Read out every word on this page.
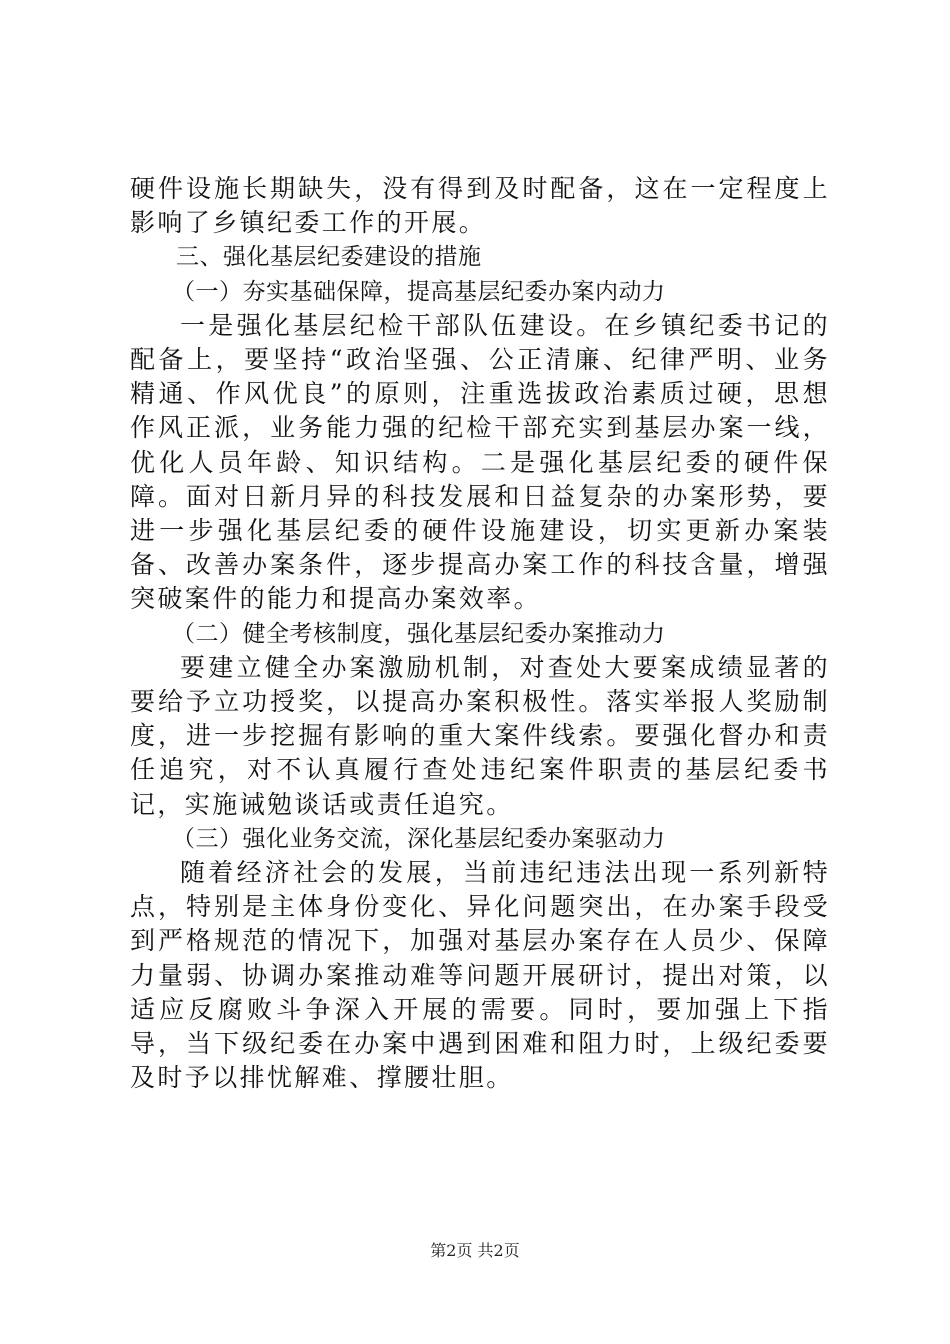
硬件设施长期缺失，没有得到及时配备，这在一定程度上影响了乡镇纪委工作的开展。

三、强化基层纪委建设的措施

（一）夯实基础保障，提高基层纪委办案内动力

一是强化基层纪检干部队伍建设。在乡镇纪委书记的配备上，要坚持“政治坚强、公正清廉、纪律严明、业务精通、作风优良”的原则，注重选拔政治素质过硬，思想作风正派，业务能力强的纪检干部充实到基层办案一线，优化人员年龄、知识结构。二是强化基层纪委的硬件保障。面对日新月异的科技发展和日益复杂的办案形势，要进一步强化基层纪委的硬件设施建设，切实更新办案装备、改善办案条件，逐步提高办案工作的科技含量，增强突破案件的能力和提高办案效率。

（二）健全考核制度，强化基层纪委办案推动力

要建立健全办案激励机制，对查处大要案成绩显著的要给予立功授奖，以提高办案积极性。落实举报人奖励制度，进一步挖掘有影响的重大案件线索。要强化督办和责任追究，对不认真履行查处违纪案件职责的基层纪委书记，实施诫勉谈话或责任追究。

（三）强化业务交流，深化基层纪委办案驱动力

随着经济社会的发展，当前违纪违法出现一系列新特点，特别是主体身份变化、异化问题突出，在办案手段受到严格规范的情况下，加强对基层办案存在人员少、保障力量弱、协调办案推动难等问题开展研讨，提出对策，以适应反腐败斗争深入开展的需要。同时，要加强上下指导，当下级纪委在办案中遇到困难和阻力时，上级纪委要及时予以排忧解难、撑腰壮胆。

第2页 共2页
